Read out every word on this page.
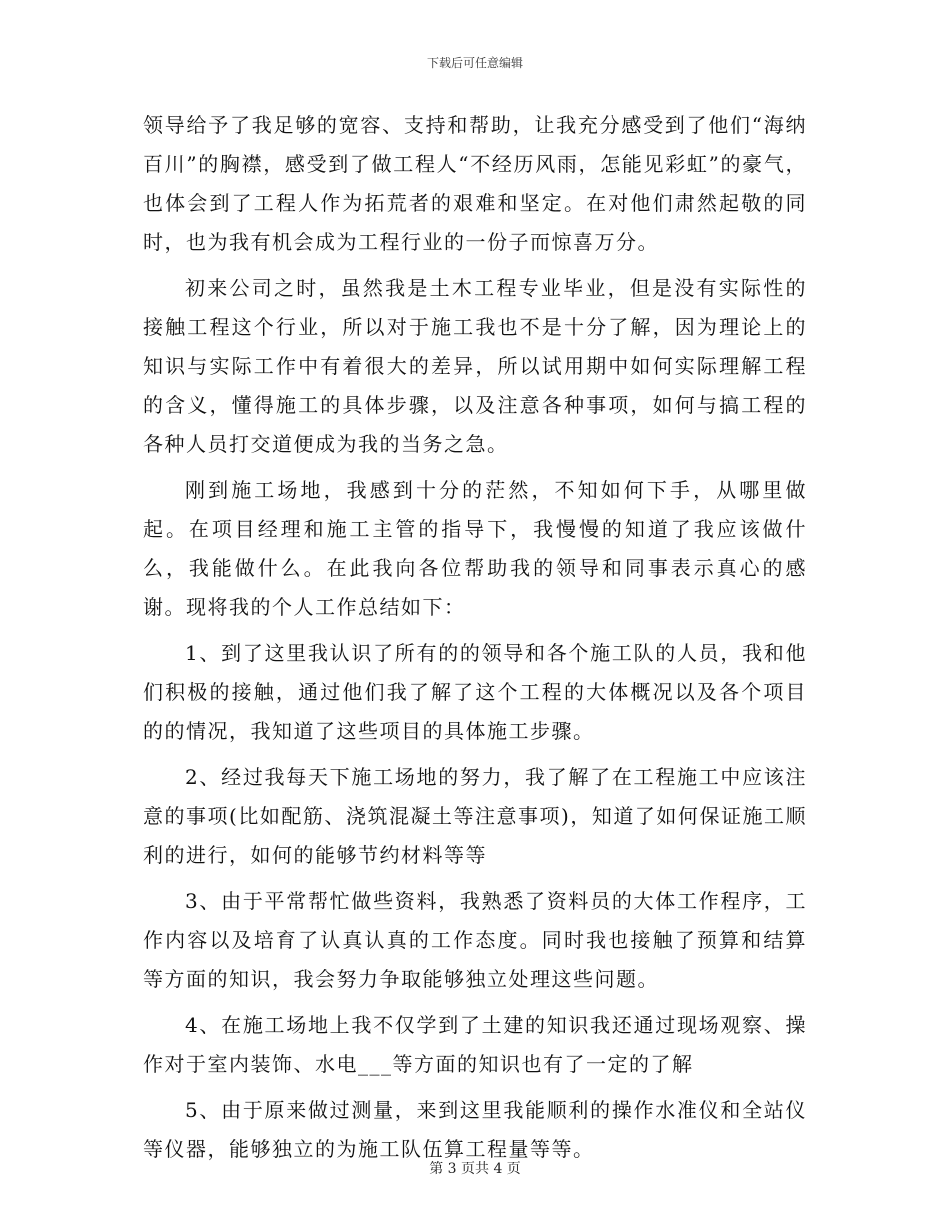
下载后可任意编辑

领导给予了我足够的宽容、支持和帮助，让我充分感受到了他们“海纳百川”的胸襟，感受到了做工程人“不经历风雨，怎能见彩虹”的豪气，也体会到了工程人作为拓荒者的艰难和坚定。在对他们肃然起敬的同时，也为我有机会成为工程行业的一份子而惊喜万分。

初来公司之时，虽然我是土木工程专业毕业，但是没有实际性的接触工程这个行业，所以对于施工我也不是十分了解，因为理论上的知识与实际工作中有着很大的差异，所以试用期中如何实际理解工程的含义，懂得施工的具体步骤，以及注意各种事项，如何与搞工程的各种人员打交道便成为我的当务之急。

刚到施工场地，我感到十分的茫然，不知如何下手，从哪里做起。在项目经理和施工主管的指导下，我慢慢的知道了我应该做什么，我能做什么。在此我向各位帮助我的领导和同事表示真心的感谢。现将我的个人工作总结如下：

1、到了这里我认识了所有的的领导和各个施工队的人员，我和他们积极的接触，通过他们我了解了这个工程的大体概况以及各个项目的的情况，我知道了这些项目的具体施工步骤。

2、经过我每天下施工场地的努力，我了解了在工程施工中应该注意的事项(比如配筋、浇筑混凝土等注意事项)，知道了如何保证施工顺利的进行，如何的能够节约材料等等

3、由于平常帮忙做些资料，我熟悉了资料员的大体工作程序，工作内容以及培育了认真认真的工作态度。同时我也接触了预算和结算等方面的知识，我会努力争取能够独立处理这些问题。

4、在施工场地上我不仅学到了土建的知识我还通过现场观察、操作对于室内装饰、水电___等方面的知识也有了一定的了解

5、由于原来做过测量，来到这里我能顺利的操作水准仪和全站仪等仪器，能够独立的为施工队伍算工程量等等。

第 3 页共 4 页
